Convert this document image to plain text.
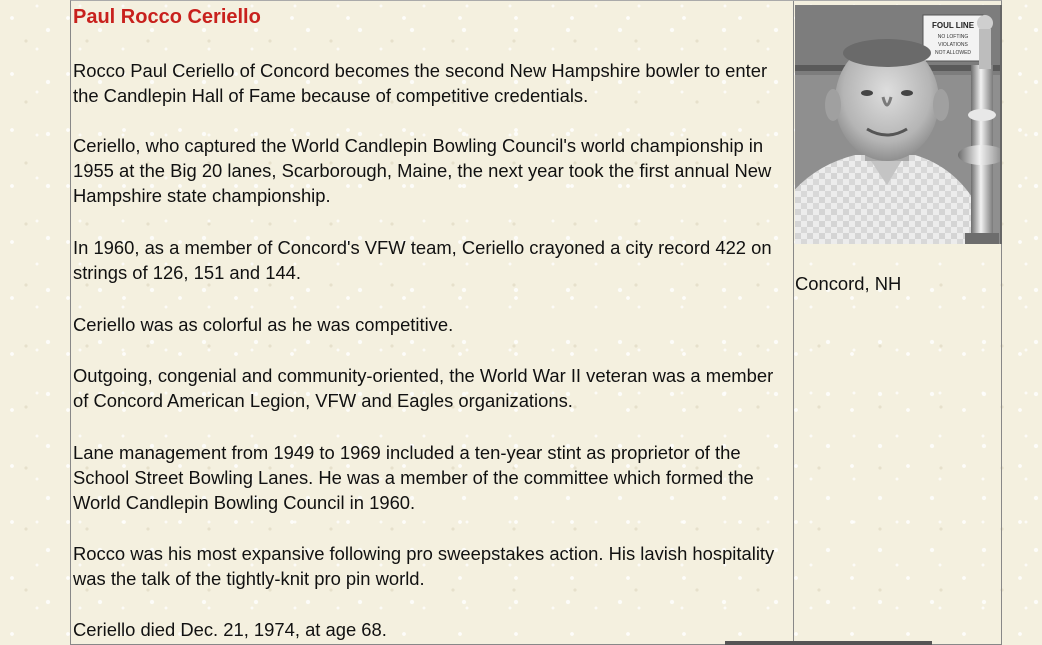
Paul Rocco Ceriello

Rocco Paul Ceriello of Concord becomes the second New Hampshire bowler to enter the Candlepin Hall of Fame because of competitive credentials.

Ceriello, who captured the World Candlepin Bowling Council's world championship in 1955 at the Big 20 lanes, Scarborough, Maine, the next year took the first annual New Hampshire state championship.

In 1960, as a member of Concord's VFW team, Ceriello crayoned a city record 422 on strings of 126, 151 and 144.

Ceriello was as colorful as he was competitive.

Outgoing, congenial and community-oriented, the World War II veteran was a member of Concord American Legion, VFW and Eagles organizations.

Lane management from 1949 to 1969 included a ten-year stint as proprietor of the School Street Bowling Lanes. He was a member of the committee which formed the World Candlepin Bowling Council in 1960.

Rocco was his most expansive following pro sweepstakes action. His lavish hospitality was the talk of the tightly-knit pro pin world.

Ceriello died Dec. 21, 1974, at age 68.

FOUL LINE
NO LOFTING
VIOLATIONS
NOT ALLOWED

Concord, NH
